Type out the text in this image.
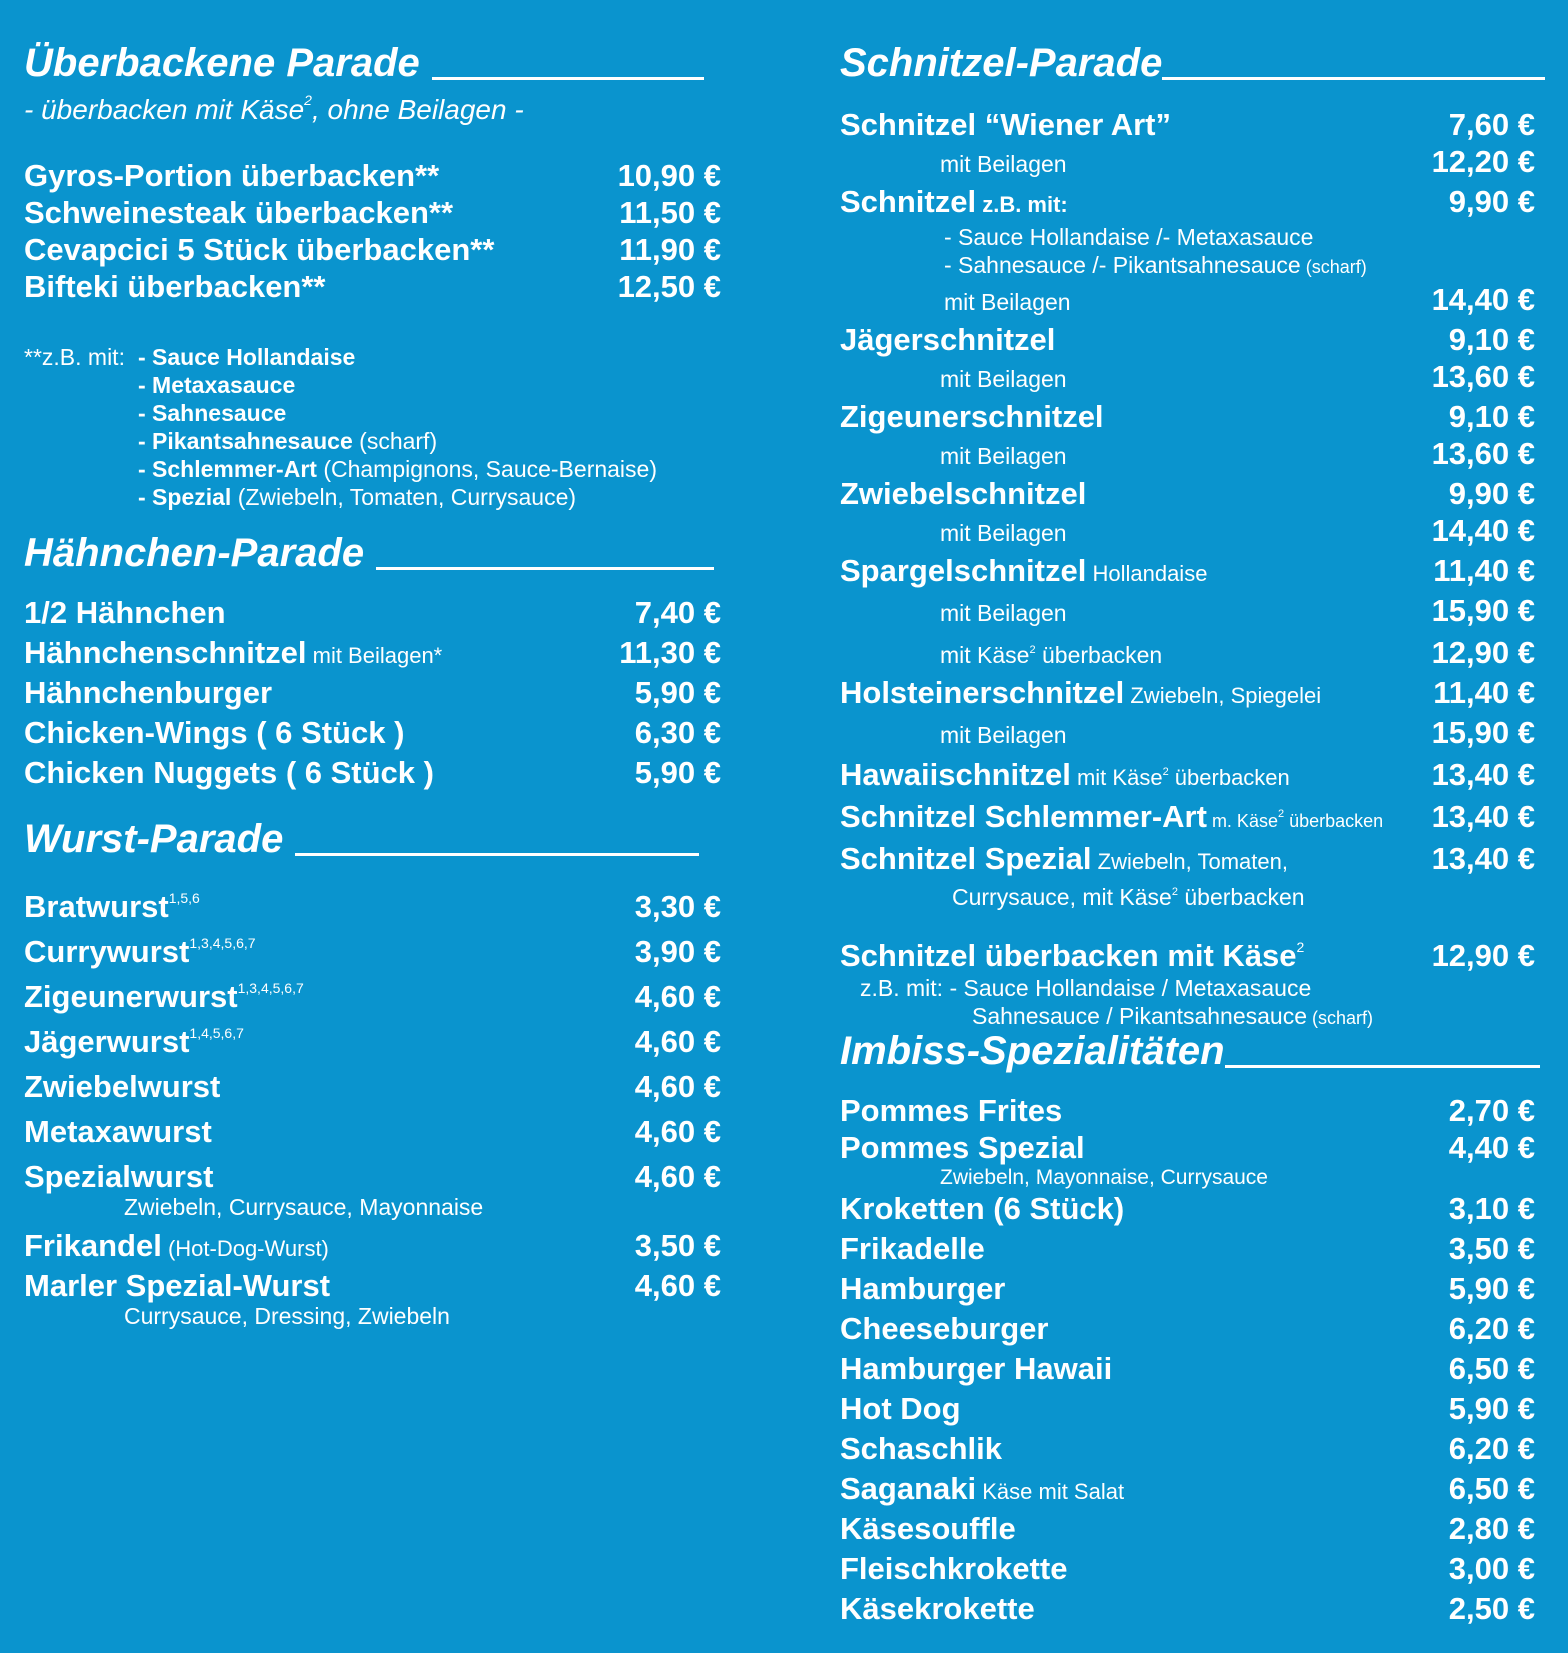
Überbackene Parade
- überbacken mit Käse$^2$, ohne Beilagen -
Gyros-Portion überbacken**	10,90 €
Schweinesteak überbacken**	11,50 €
Cevapcici 5 Stück überbacken**	11,90 €
Bifteki überbacken**	12,50 €
**z.B. mit: - Sauce Hollandaise
- Metaxasauce
- Sahnesauce
- Pikantsahnesauce (scharf)
- Schlemmer-Art (Champignons, Sauce-Bernaise)
- Spezial (Zwiebeln, Tomaten, Currysauce)
Hähnchen-Parade
1/2 Hähnchen	7,40 €
Hähnchenschnitzel mit Beilagen*	11,30 €
Hähnchenburger	5,90 €
Chicken-Wings ( 6 Stück )	6,30 €
Chicken Nuggets ( 6 Stück )	5,90 €
Wurst-Parade
Bratwurst$^{1,5,6}$	3,30 €
Currywurst$^{1,3,4,5,6,7}$	3,90 €
Zigeunerwurst$^{1,3,4,5,6,7}$	4,60 €
Jägerwurst$^{1,4,5,6,7}$	4,60 €
Zwiebelwurst	4,60 €
Metaxawurst	4,60 €
Spezialwurst	4,60 €
Zwiebeln, Currysauce, Mayonnaise
Frikandel (Hot-Dog-Wurst)	3,50 €
Marler Spezial-Wurst	4,60 €
Currysauce, Dressing, Zwiebeln
Schnitzel-Parade
Schnitzel “Wiener Art”	7,60 €
mit Beilagen	12,20 €
Schnitzel z.B. mit:	9,90 €
- Sauce Hollandaise /- Metaxasauce
- Sahnesauce /- Pikantsahnesauce (scharf)
mit Beilagen	14,40 €
Jägerschnitzel	9,10 €
mit Beilagen	13,60 €
Zigeunerschnitzel	9,10 €
mit Beilagen	13,60 €
Zwiebelschnitzel	9,90 €
mit Beilagen	14,40 €
Spargelschnitzel Hollandaise	11,40 €
mit Beilagen	15,90 €
mit Käse$^2$ überbacken	12,90 €
Holsteinerschnitzel Zwiebeln, Spiegelei	11,40 €
mit Beilagen	15,90 €
Hawaiischnitzel mit Käse$^2$ überbacken	13,40 €
Schnitzel Schlemmer-Art m. Käse$^2$ überbacken 13,40 €
Schnitzel Spezial Zwiebeln, Tomaten,	13,40 €
Currysauce, mit Käse$^2$ überbacken
Schnitzel überbacken mit Käse$^2$	12,90 €
z.B. mit: - Sauce Hollandaise / Metaxasauce
Sahnesauce / Pikantsahnesauce (scharf)
Imbiss-Spezialitäten
Pommes Frites	2,70 €
Pommes Spezial	4,40 €
Zwiebeln, Mayonnaise, Currysauce
Kroketten (6 Stück)	3,10 €
Frikadelle	3,50 €
Hamburger	5,90 €
Cheeseburger	6,20 €
Hamburger Hawaii	6,50 €
Hot Dog	5,90 €
Schaschlik	6,20 €
Saganaki Käse mit Salat	6,50 €
Käsesouffle	2,80 €
Fleischkrokette	3,00 €
Käsekrokette	2,50 €
